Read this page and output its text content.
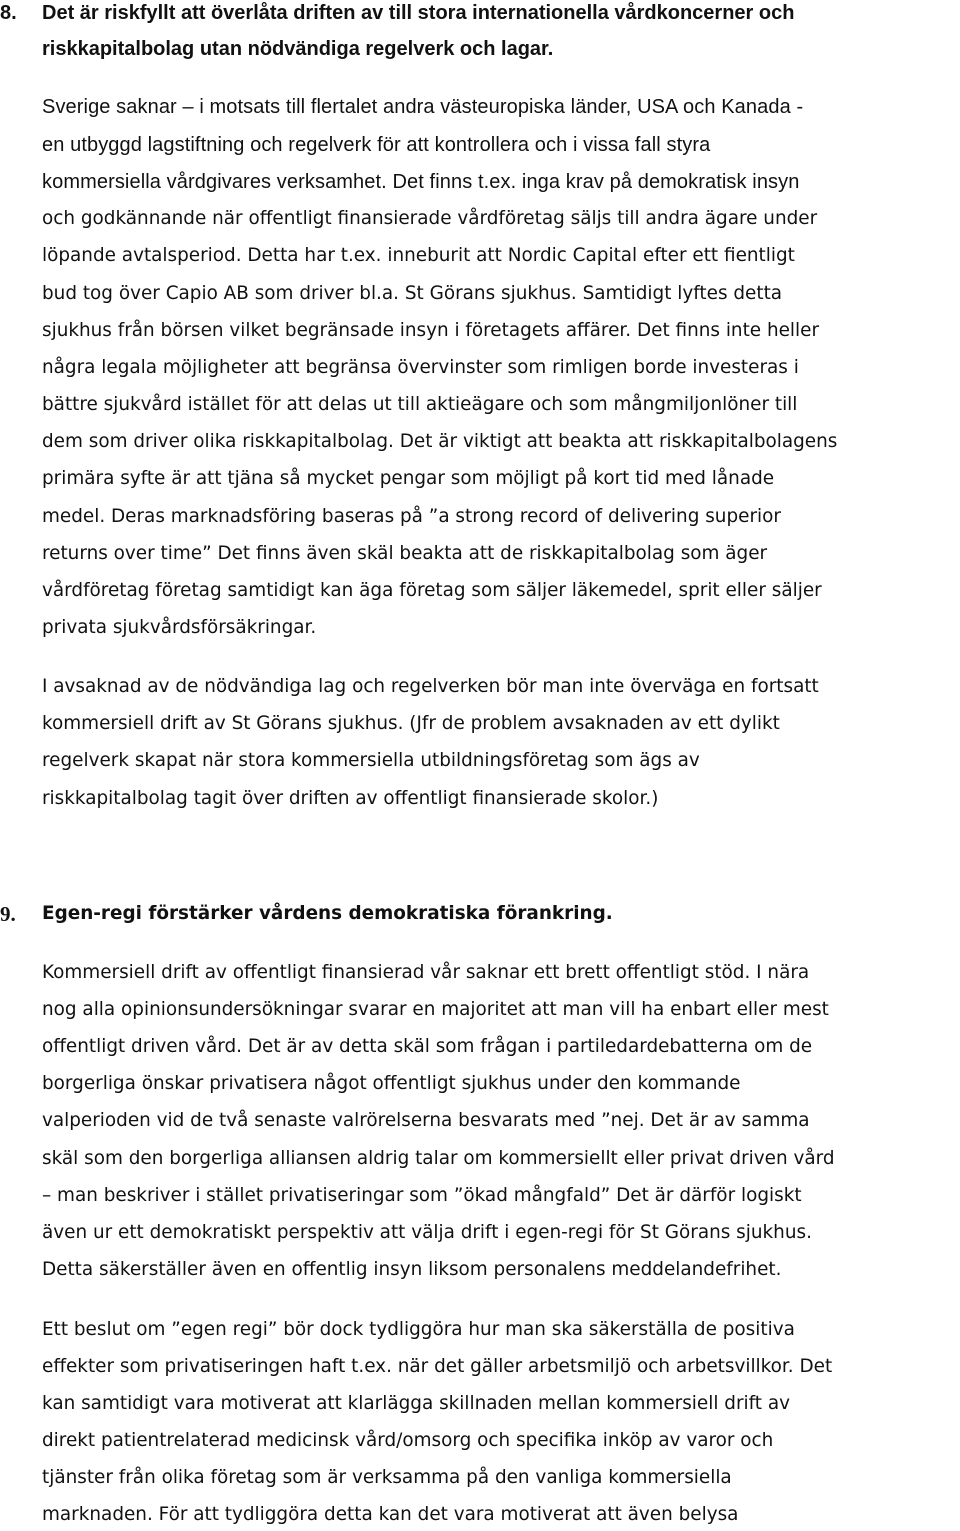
8. Det är riskfyllt att överlåta driften av till stora internationella vårdkoncerner och
riskkapitalbolag utan nödvändiga regelverk och lagar.
Sverige saknar – i motsats till flertalet andra västeuropiska länder, USA och Kanada -
en utbyggd lagstiftning och regelverk för att kontrollera och i vissa fall styra
kommersiella vårdgivares verksamhet. Det finns t.ex. inga krav på demokratisk insyn
och godkännande när offentligt finansierade vårdföretag säljs till andra ägare under
löpande avtalsperiod. Detta har t.ex. inneburit att Nordic Capital efter ett fientligt
bud tog över Capio AB som driver bl.a. St Görans sjukhus. Samtidigt lyftes detta
sjukhus från börsen vilket begränsade insyn i företagets affärer. Det finns inte heller
några legala möjligheter att begränsa övervinster som rimligen borde investeras i
bättre sjukvård istället för att delas ut till aktieägare och som mångmiljonlöner till
dem som driver olika riskkapitalbolag. Det är viktigt att beakta att riskkapitalbolagens
primära syfte är att tjäna så mycket pengar som möjligt på kort tid med lånade
medel. Deras marknadsföring baseras på ”a strong record of delivering superior
returns over time” Det finns även skäl beakta att de riskkapitalbolag som äger
vårdföretag företag samtidigt kan äga företag som säljer läkemedel, sprit eller säljer
privata sjukvårdsförsäkringar.
I avsaknad av de nödvändiga lag och regelverken bör man inte överväga en fortsatt
kommersiell drift av St Görans sjukhus. (Jfr de problem avsaknaden av ett dylikt
regelverk skapat när stora kommersiella utbildningsföretag som ägs av
riskkapitalbolag tagit över driften av offentligt finansierade skolor.)
9. Egen-regi förstärker vårdens demokratiska förankring.
Kommersiell drift av offentligt finansierad vår saknar ett brett offentligt stöd. I nära
nog alla opinionsundersökningar svarar en majoritet att man vill ha enbart eller mest
offentligt driven vård. Det är av detta skäl som frågan i partiledardebatterna om de
borgerliga önskar privatisera något offentligt sjukhus under den kommande
valperioden vid de två senaste valrörelserna besvarats med ”nej. Det är av samma
skäl som den borgerliga alliansen aldrig talar om kommersiellt eller privat driven vård
– man beskriver i stället privatiseringar som ”ökad mångfald” Det är därför logiskt
även ur ett demokratiskt perspektiv att välja drift i egen-regi för St Görans sjukhus.
Detta säkerställer även en offentlig insyn liksom personalens meddelandefrihet.
Ett beslut om ”egen regi” bör dock tydliggöra hur man ska säkerställa de positiva
effekter som privatiseringen haft t.ex. när det gäller arbetsmiljö och arbetsvillkor. Det
kan samtidigt vara motiverat att klarlägga skillnaden mellan kommersiell drift av
direkt patientrelaterad medicinsk vård/omsorg och specifika inköp av varor och
tjänster från olika företag som är verksamma på den vanliga kommersiella
marknaden. För att tydliggöra detta kan det vara motiverat att även belysa
